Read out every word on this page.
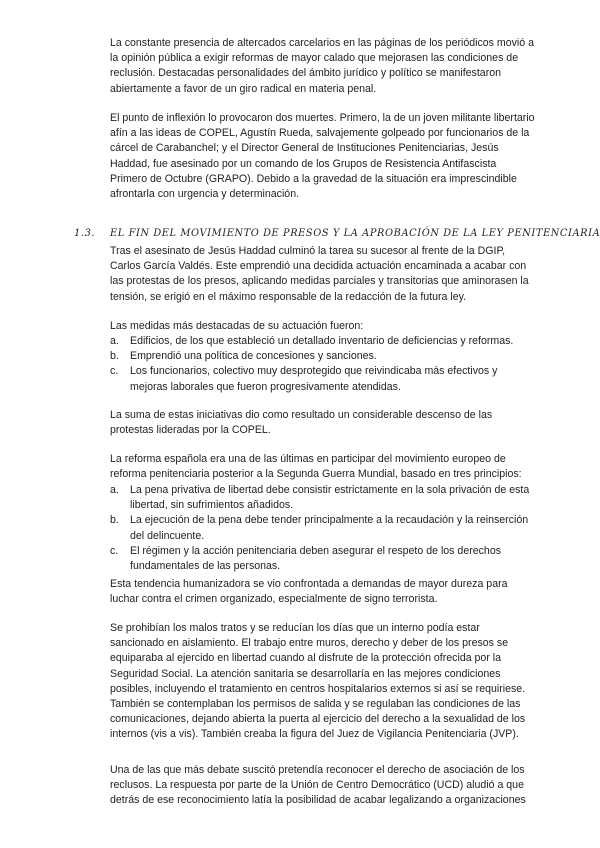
La constante presencia de altercados carcelarios en las páginas de los periódicos movió a la opinión pública a exigir reformas de mayor calado que mejorasen las condiciones de reclusión. Destacadas personalidades del ámbito jurídico y político se manifestaron abiertamente a favor de un giro radical en materia penal.

El punto de inflexión lo provocaron dos muertes. Primero, la de un joven militante libertario afín a las ideas de COPEL, Agustín Rueda, salvajemente golpeado por funcionarios de la cárcel de Carabanchel; y el Director General de Instituciones Penitenciarias, Jesús Haddad, fue asesinado por un comando de los Grupos de Resistencia Antifascista Primero de Octubre (GRAPO). Debido a la gravedad de la situación era imprescindible afrontarla con urgencia y determinación.

1.3. EL FIN DEL MOVIMIENTO DE PRESOS Y LA APROBACIÓN DE LA LEY PENITENCIARIA

Tras el asesinato de Jesús Haddad culminó la tarea su sucesor al frente de la DGIP, Carlos García Valdés. Este emprendió una decidida actuación encaminada a acabar con las protestas de los presos, aplicando medidas parciales y transitorias que aminorasen la tensión, se erigió en el máximo responsable de la redacción de la futura ley.

Las medidas más destacadas de su actuación fueron:

a. Edificios, de los que estableció un detallado inventario de deficiencias y reformas.
b. Emprendió una política de concesiones y sanciones.
c. Los funcionarios, colectivo muy desprotegido que reivindicaba más efectivos y mejoras laborales que fueron progresivamente atendidas.

La suma de estas iniciativas dio como resultado un considerable descenso de las protestas lideradas por la COPEL.

La reforma española era una de las últimas en participar del movimiento europeo de reforma penitenciaria posterior a la Segunda Guerra Mundial, basado en tres principios:

a. La pena privativa de libertad debe consistir estrictamente en la sola privación de esta libertad, sin sufrimientos añadidos.
b. La ejecución de la pena debe tender principalmente a la recaudación y la reinserción del delincuente.
c. El régimen y la acción penitenciaria deben asegurar el respeto de los derechos fundamentales de las personas.

Esta tendencia humanizadora se vio confrontada a demandas de mayor dureza para luchar contra el crimen organizado, especialmente de signo terrorista.

Se prohibían los malos tratos y se reducían los días que un interno podía estar sancionado en aislamiento. El trabajo entre muros, derecho y deber de los presos se equiparaba al ejercido en libertad cuando al disfrute de la protección ofrecida por la Seguridad Social. La atención sanitaria se desarrollaría en las mejores condiciones posibles, incluyendo el tratamiento en centros hospitalarios externos si así se requiriese. También se contemplaban los permisos de salida y se regulaban las condiciones de las comunicaciones, dejando abierta la puerta al ejercicio del derecho a la sexualidad de los internos (vis a vis). También creaba la figura del Juez de Vigilancia Penitenciaria (JVP).

Una de las que más debate suscitó pretendía reconocer el derecho de asociación de los reclusos. La respuesta por parte de la Unión de Centro Democrático (UCD) aludió a que detrás de ese reconocimiento latía la posibilidad de acabar legalizando a organizaciones
